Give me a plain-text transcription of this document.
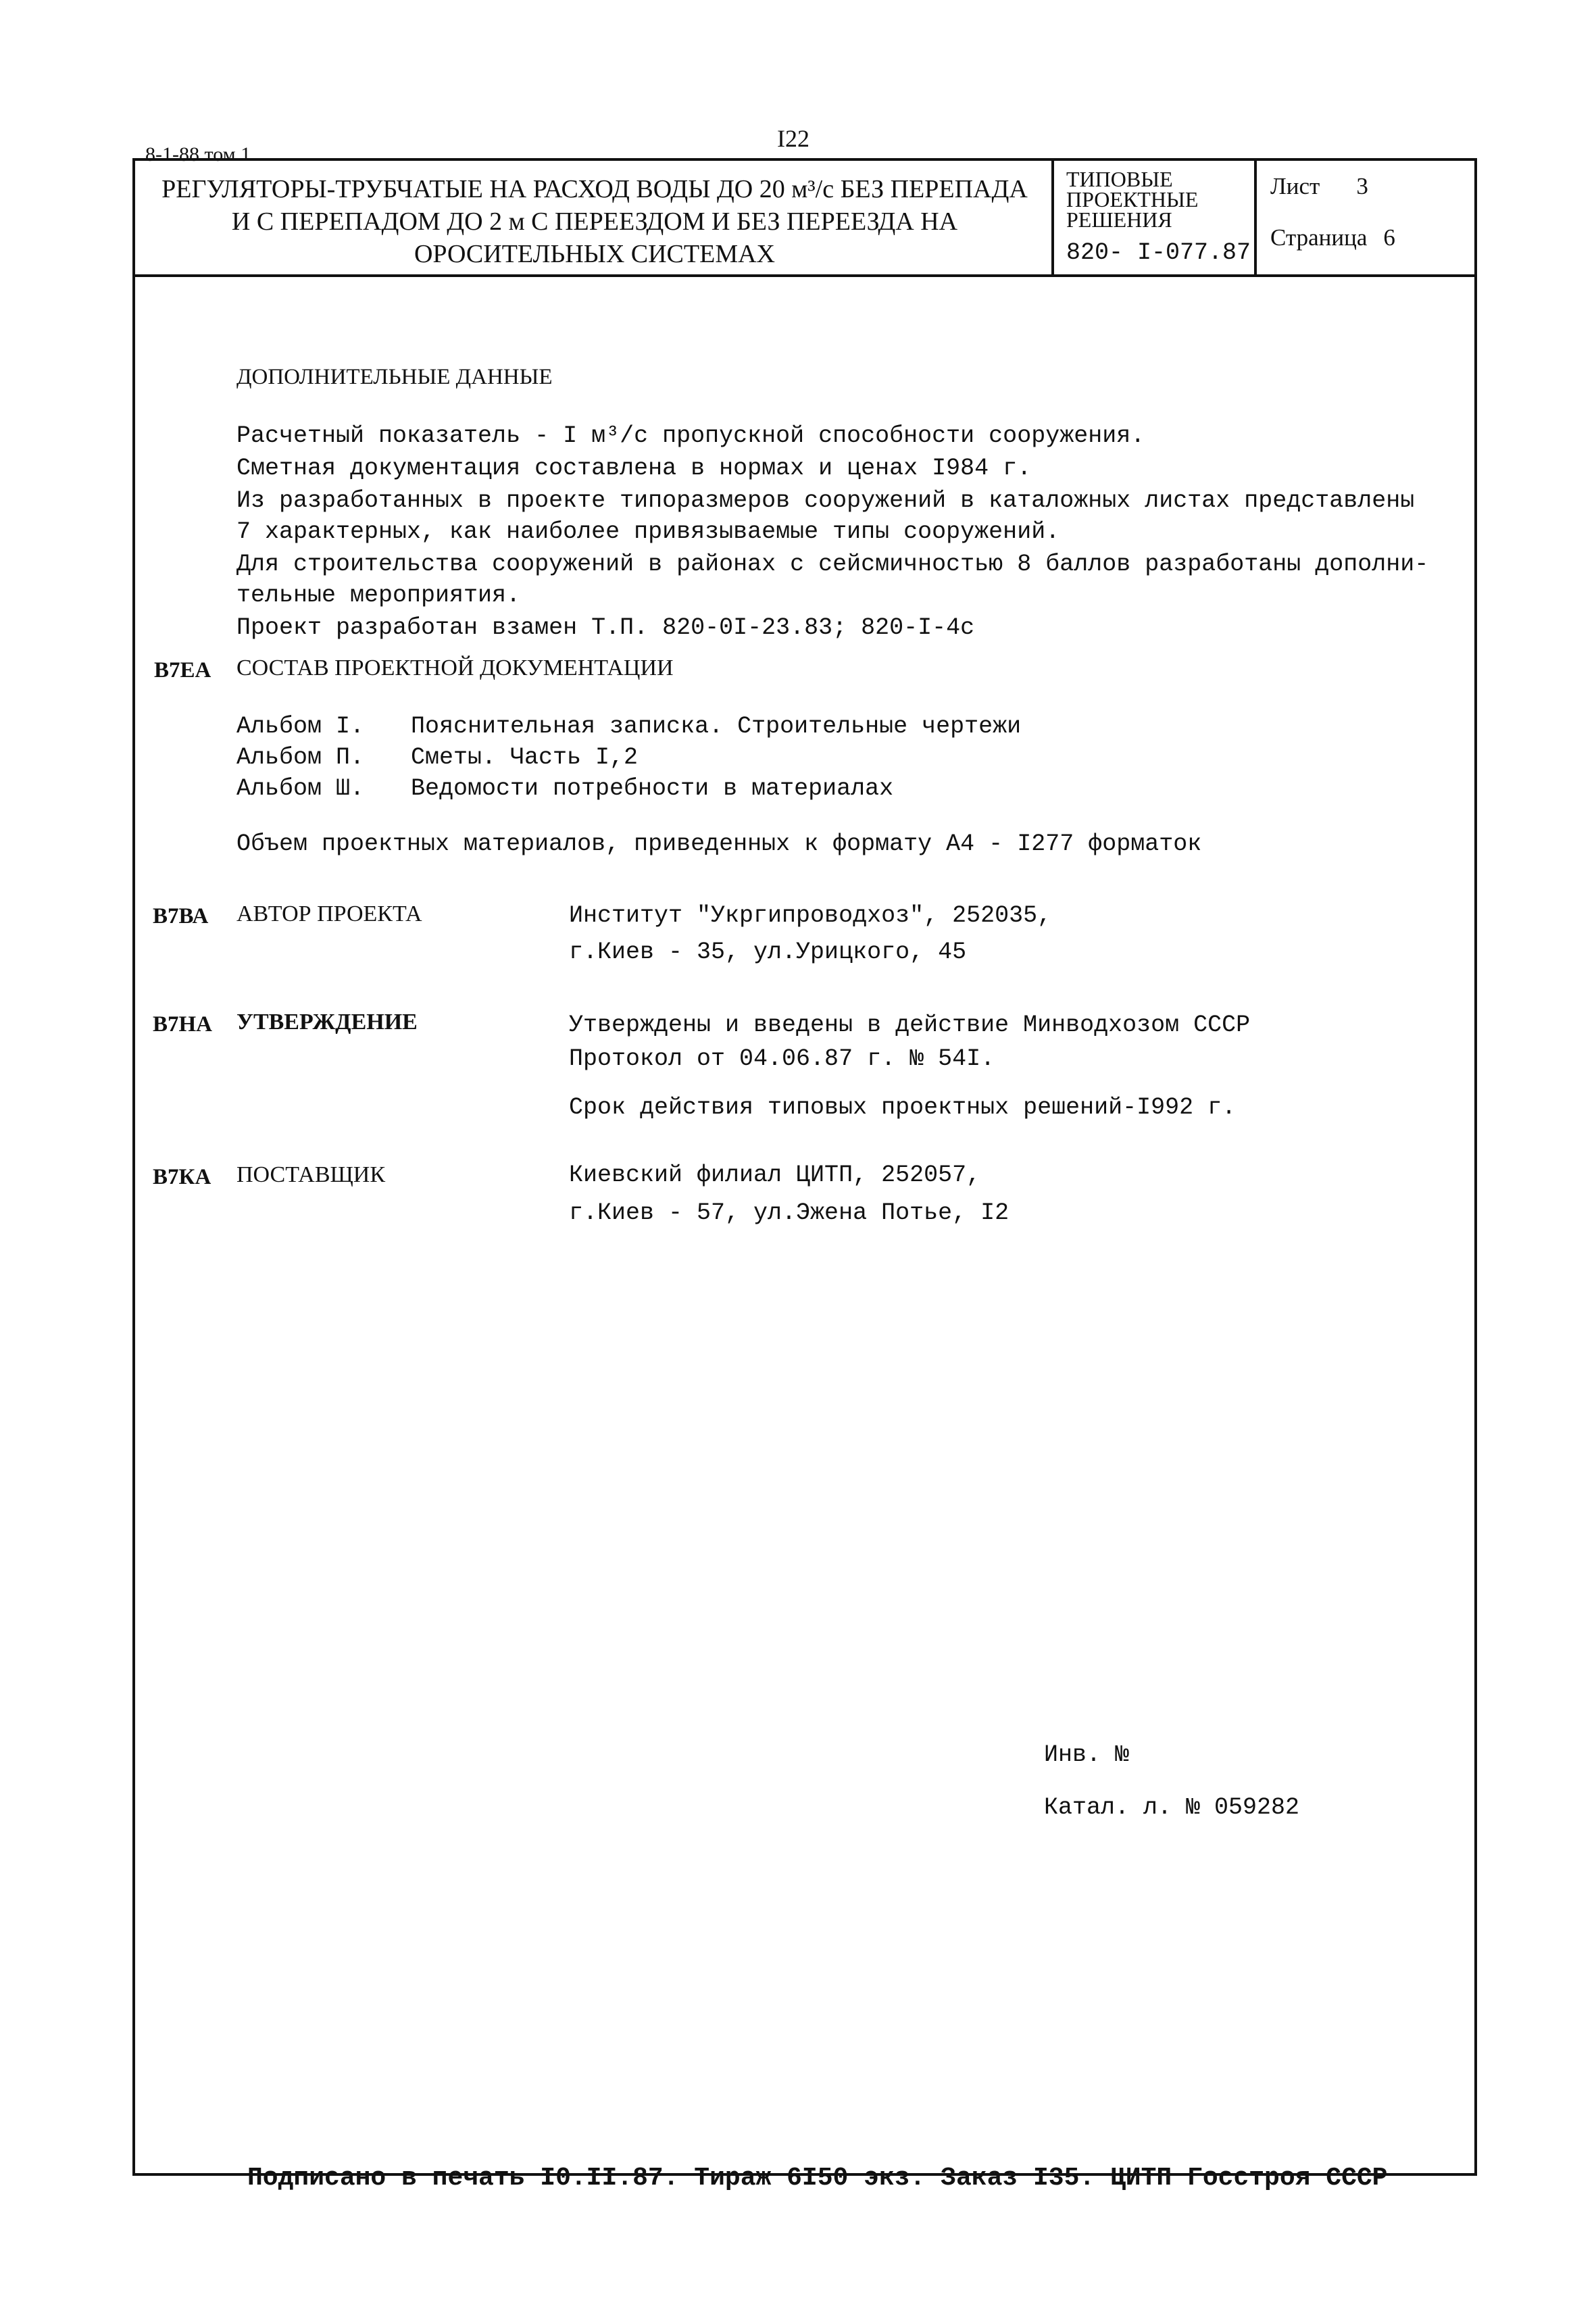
8-1-88 том 1

I22
РЕГУЛЯТОРЫ-ТРУБЧАТЫЕ НА РАСХОД ВОДЫ ДО 20 м³/с БЕЗ ПЕРЕПАДА
И С ПЕРЕПАДОМ ДО 2 м С ПЕРЕЕЗДОМ И БЕЗ ПЕРЕЕЗДА НА
ОРОСИТЕЛЬНЫХ СИСТЕМАХ
ТИПОВЫЕ
ПРОЕКТНЫЕ
РЕШЕНИЯ
820- I-077.87
Лист 3
Страница 6
ДОПОЛНИТЕЛЬНЫЕ ДАННЫЕ
Расчетный показатель - I м³/с пропускной способности сооружения.
Сметная документация составлена в нормах и ценах I984 г.
Из разработанных в проекте типоразмеров сооружений в каталожных листах представлены
7 характерных, как наиболее привязываемые типы сооружений.
Для строительства сооружений в районах с сейсмичностью 8 баллов разработаны дополни-
тельные мероприятия.
Проект разработан взамен Т.П. 820-0I-23.83; 820-I-4с
В7ЕА СОСТАВ ПРОЕКТНОЙ ДОКУМЕНТАЦИИ
Альбом I. Пояснительная записка. Строительные чертежи
Альбом П. Сметы. Часть I,2
Альбом Ш. Ведомости потребности в материалах
Объем проектных материалов, приведенных к формату А4 - I277 форматок
В7ВА АВТОР ПРОЕКТА	Институт "Укргипроводхоз", 252035,
г.Киев - 35, ул.Урицкого, 45
В7НА УТВЕРЖДЕНИЕ	Утверждены и введены в действие Минводхозом СССР
Протокол от 04.06.87 г. № 54I.
Срок действия типовых проектных решений-I992 г.
В7КА ПОСТАВЩИК	Киевский филиал ЦИТП, 252057,
г.Киев - 57, ул.Эжена Потье, I2
Инв. №
Катал. л. № 059282
Подписано в печать I0.II.87. Тираж 6I50 экз. Заказ I35. ЦИТП Госстроя СССР
